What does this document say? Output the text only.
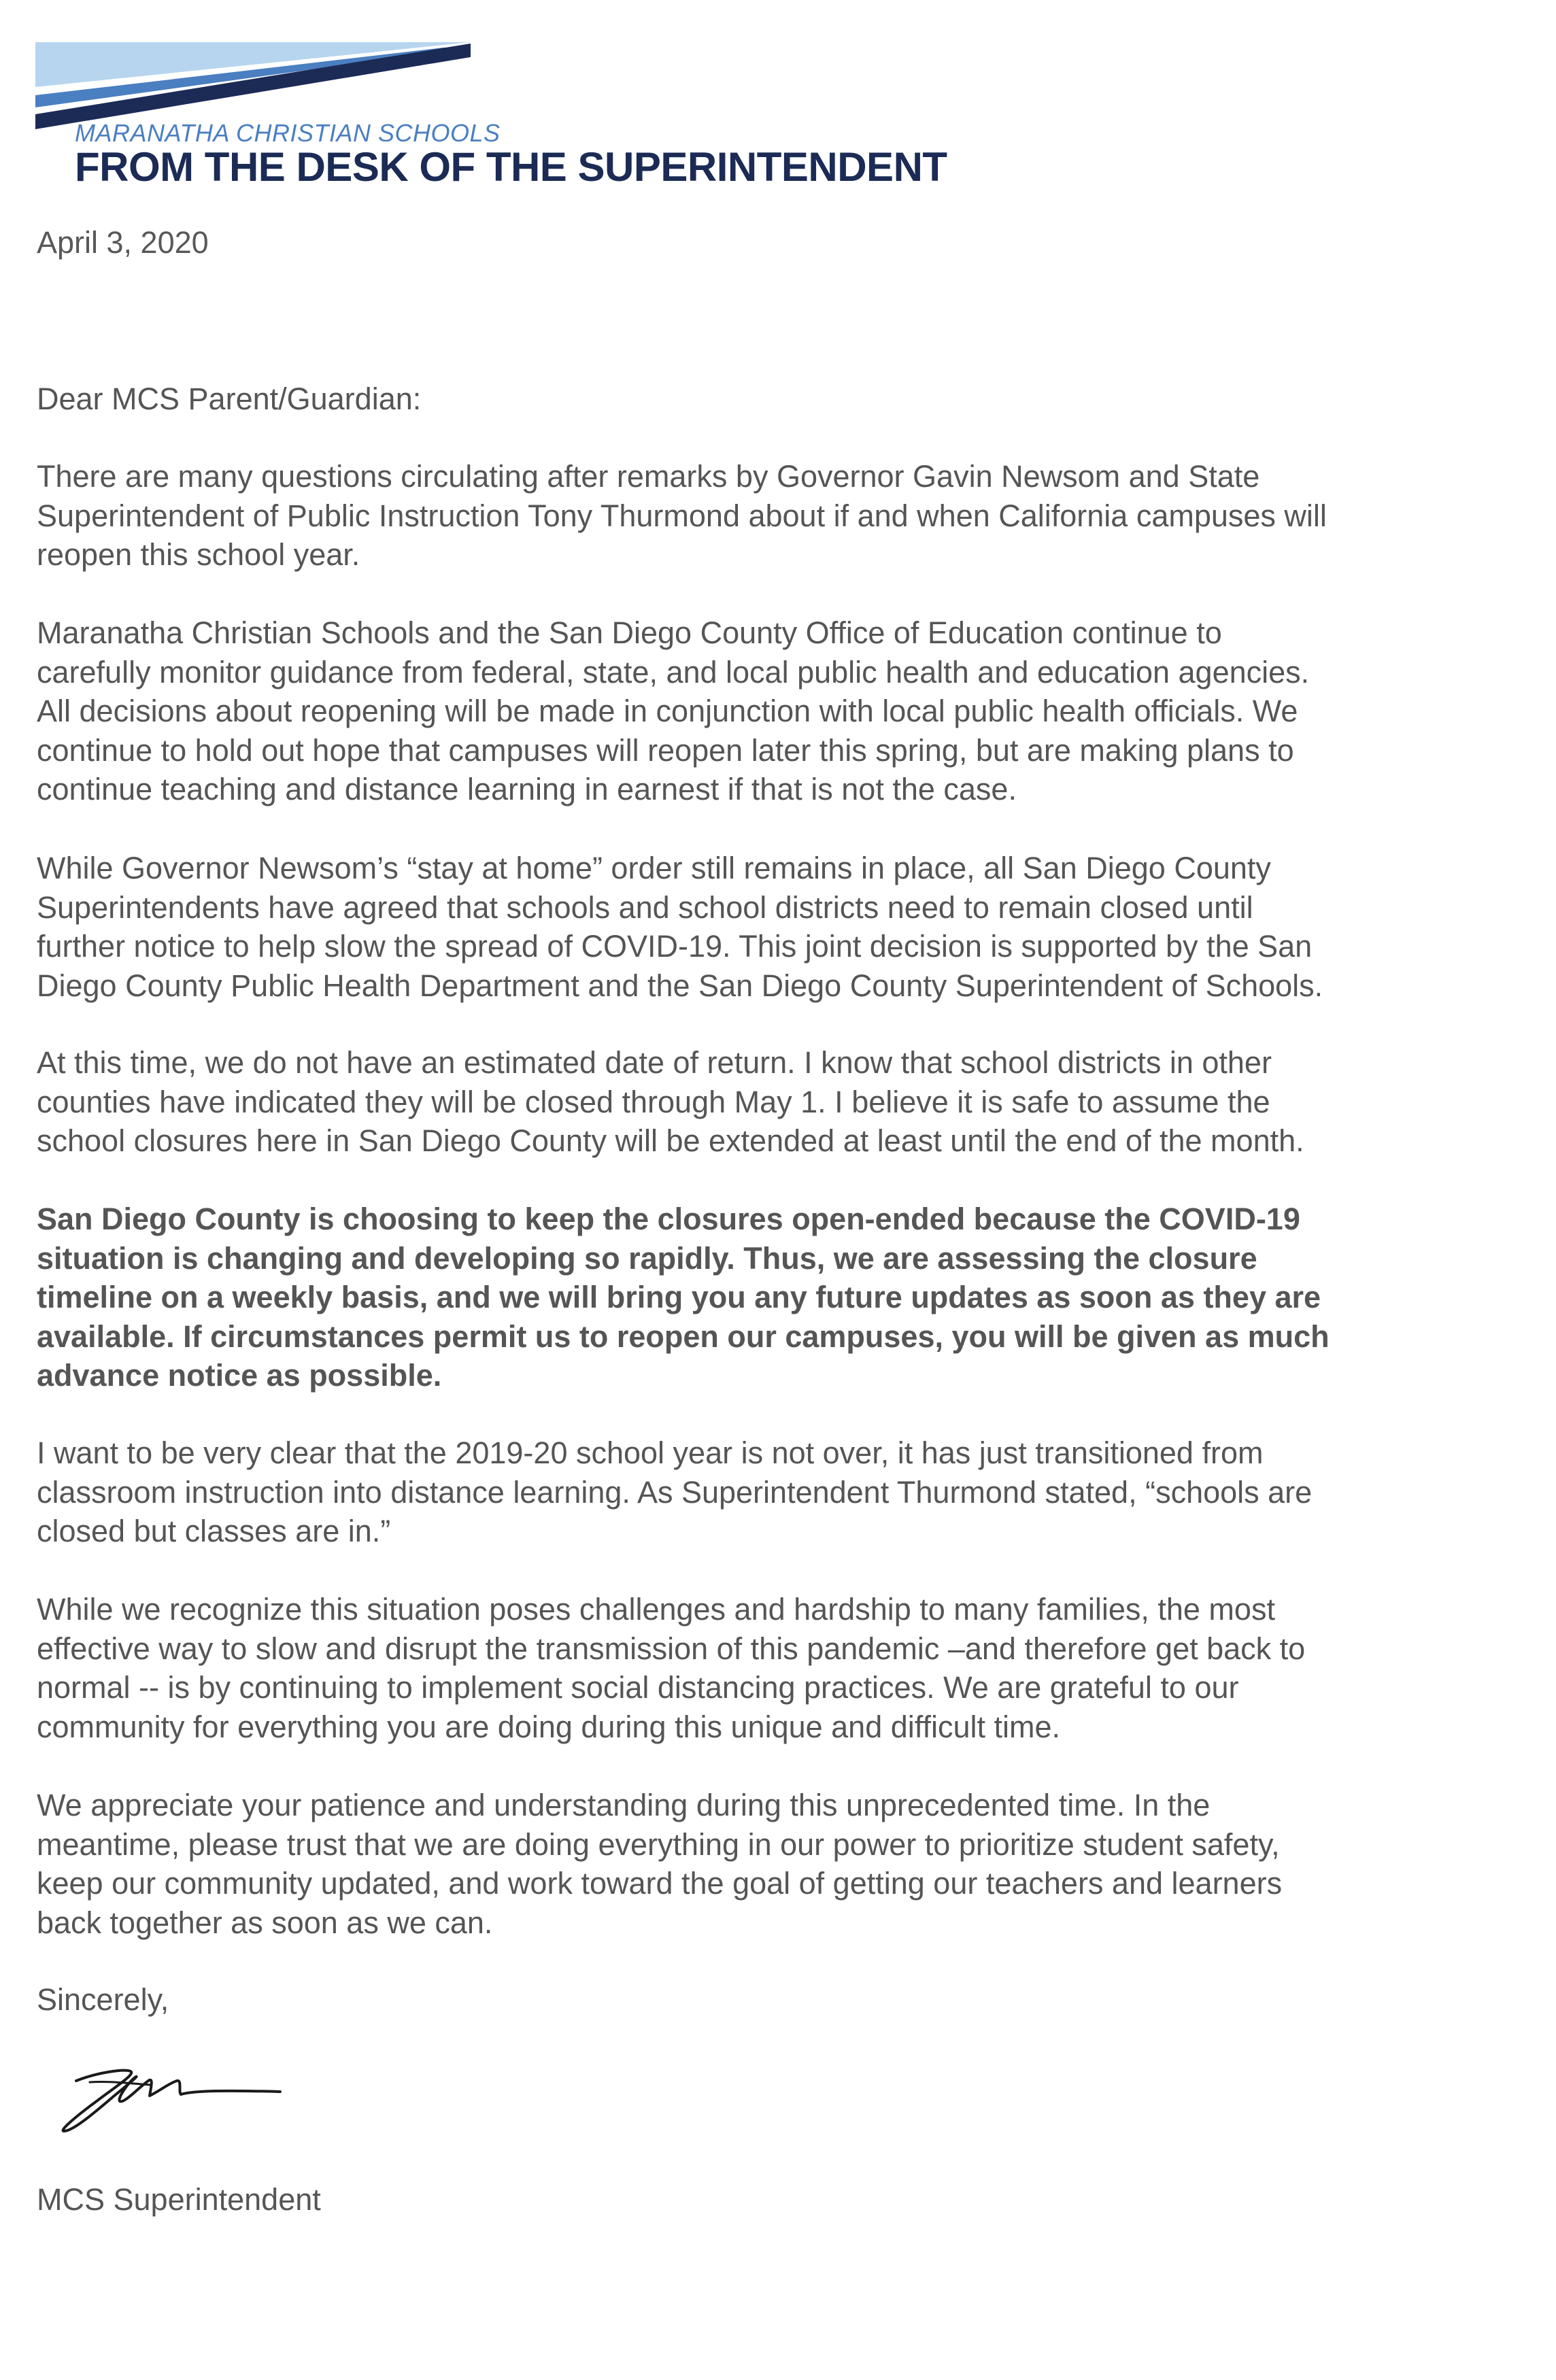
MARANATHA CHRISTIAN SCHOOLS
FROM THE DESK OF THE SUPERINTENDENT
April 3, 2020
Dear MCS Parent/Guardian:
There are many questions circulating after remarks by Governor Gavin Newsom and State
Superintendent of Public Instruction Tony Thurmond about if and when California campuses will
reopen this school year.
Maranatha Christian Schools and the San Diego County Office of Education continue to
carefully monitor guidance from federal, state, and local public health and education agencies.
All decisions about reopening will be made in conjunction with local public health officials. We
continue to hold out hope that campuses will reopen later this spring, but are making plans to
continue teaching and distance learning in earnest if that is not the case.
While Governor Newsom’s “stay at home” order still remains in place, all San Diego County
Superintendents have agreed that schools and school districts need to remain closed until
further notice to help slow the spread of COVID-19. This joint decision is supported by the San
Diego County Public Health Department and the San Diego County Superintendent of Schools.
At this time, we do not have an estimated date of return. I know that school districts in other
counties have indicated they will be closed through May 1. I believe it is safe to assume the
school closures here in San Diego County will be extended at least until the end of the month.
San Diego County is choosing to keep the closures open-ended because the COVID-19
situation is changing and developing so rapidly. Thus, we are assessing the closure
timeline on a weekly basis, and we will bring you any future updates as soon as they are
available. If circumstances permit us to reopen our campuses, you will be given as much
advance notice as possible.
I want to be very clear that the 2019-20 school year is not over, it has just transitioned from
classroom instruction into distance learning. As Superintendent Thurmond stated, “schools are
closed but classes are in.”
While we recognize this situation poses challenges and hardship to many families, the most
effective way to slow and disrupt the transmission of this pandemic –and therefore get back to
normal -- is by continuing to implement social distancing practices. We are grateful to our
community for everything you are doing during this unique and difficult time.
We appreciate your patience and understanding during this unprecedented time. In the
meantime, please trust that we are doing everything in our power to prioritize student safety,
keep our community updated, and work toward the goal of getting our teachers and learners
back together as soon as we can.
Sincerely,
MCS Superintendent
